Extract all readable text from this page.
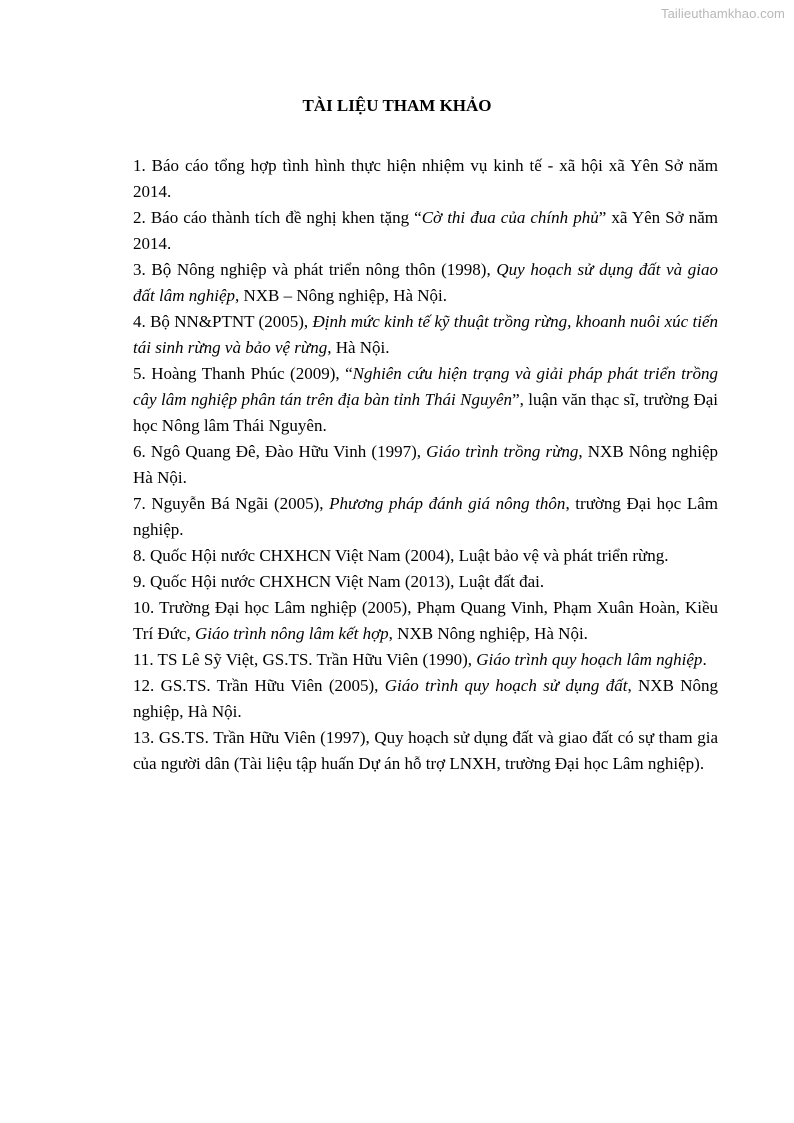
Tailieuthamkhao.com
TÀI LIỆU THAM KHẢO
1. Báo cáo tổng hợp tình hình thực hiện nhiệm vụ kinh tế - xã hội xã Yên Sở năm 2014.
2. Báo cáo thành tích đề nghị khen tặng “Cờ thi đua của chính phủ” xã Yên Sở năm 2014.
3. Bộ Nông nghiệp và phát triển nông thôn (1998), Quy hoạch sử dụng đất và giao đất lâm nghiệp, NXB – Nông nghiệp, Hà Nội.
4. Bộ NN&PTNT (2005), Định mức kinh tế kỹ thuật trồng rừng, khoanh nuôi xúc tiến tái sinh rừng và bảo vệ rừng, Hà Nội.
5. Hoàng Thanh Phúc (2009), “Nghiên cứu hiện trạng và giải pháp phát triển trồng cây lâm nghiệp phân tán trên địa bàn tỉnh Thái Nguyên”, luận văn thạc sĩ, trường Đại học Nông lâm Thái Nguyên.
6. Ngô Quang Đê, Đào Hữu Vinh (1997), Giáo trình trồng rừng, NXB Nông nghiệp Hà Nội.
7. Nguyễn Bá Ngãi (2005), Phương pháp đánh giá nông thôn, trường Đại học Lâm nghiệp.
8. Quốc Hội nước CHXHCN Việt Nam (2004), Luật bảo vệ và phát triển rừng.
9. Quốc Hội nước CHXHCN Việt Nam (2013), Luật đất đai.
10. Trường Đại học Lâm nghiệp (2005), Phạm Quang Vinh, Phạm Xuân Hoàn, Kiều Trí Đức, Giáo trình nông lâm kết hợp, NXB Nông nghiệp, Hà Nội.
11. TS Lê Sỹ Việt, GS.TS. Trần Hữu Viên (1990), Giáo trình quy hoạch lâm nghiệp.
12. GS.TS. Trần Hữu Viên (2005), Giáo trình quy hoạch sử dụng đất, NXB Nông nghiệp, Hà Nội.
13. GS.TS. Trần Hữu Viên (1997), Quy hoạch sử dụng đất và giao đất có sự tham gia của người dân (Tài liệu tập huấn Dự án hỗ trợ LNXH, trường Đại học Lâm nghiệp).
